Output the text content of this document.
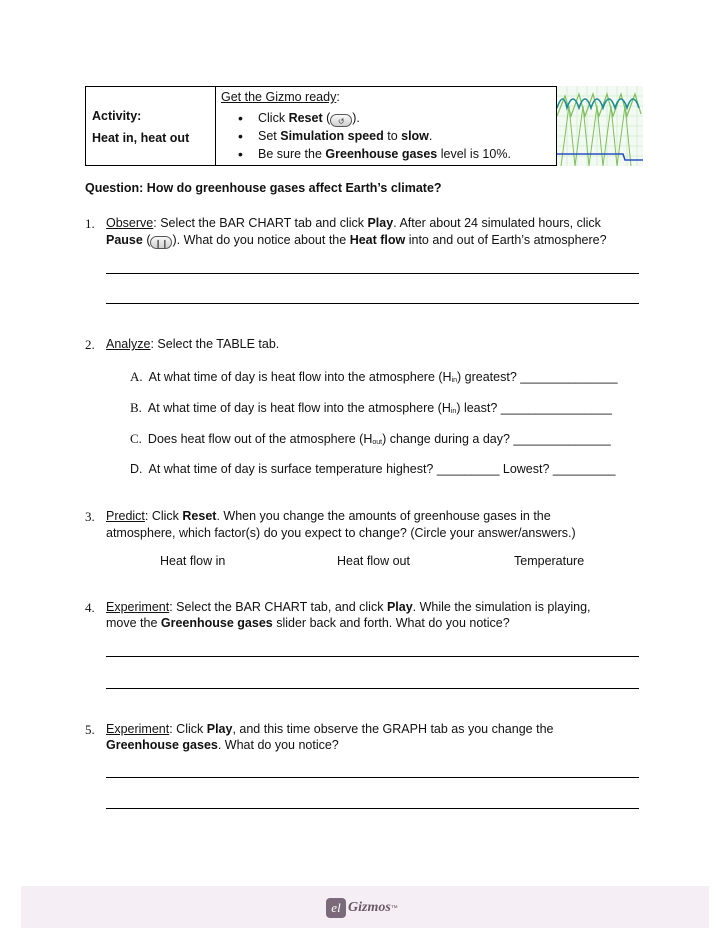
Activity:
Heat in, heat out
Get the Gizmo ready:
• Click Reset ( ↺ ).
• Set Simulation speed to slow.
• Be sure the Greenhouse gases level is 10%.
Question: How do greenhouse gases affect Earth’s climate?
1. Observe: Select the BAR CHART tab and click Play. After about 24 simulated hours, click
Pause ( ❙❙ ). What do you notice about the Heat flow into and out of Earth’s atmosphere?
2. Analyze: Select the TABLE tab.
A. At what time of day is heat flow into the atmosphere $(H_{in})$ greatest? ______________
B. At what time of day is heat flow into the atmosphere $(H_{in})$ least? ________________
C. Does heat flow out of the atmosphere $(H_{out})$ change during a day? ______________
D. At what time of day is surface temperature highest? _________ Lowest? _________
3. Predict: Click Reset. When you change the amounts of greenhouse gases in the
atmosphere, which factor(s) do you expect to change? (Circle your answer/answers.)
Heat flow in	Heat flow out	Temperature
4. Experiment: Select the BAR CHART tab, and click Play. While the simulation is playing,
move the Greenhouse gases slider back and forth. What do you notice?
5. Experiment: Click Play, and this time observe the GRAPH tab as you change the
Greenhouse gases. What do you notice?
el Gizmos ™
